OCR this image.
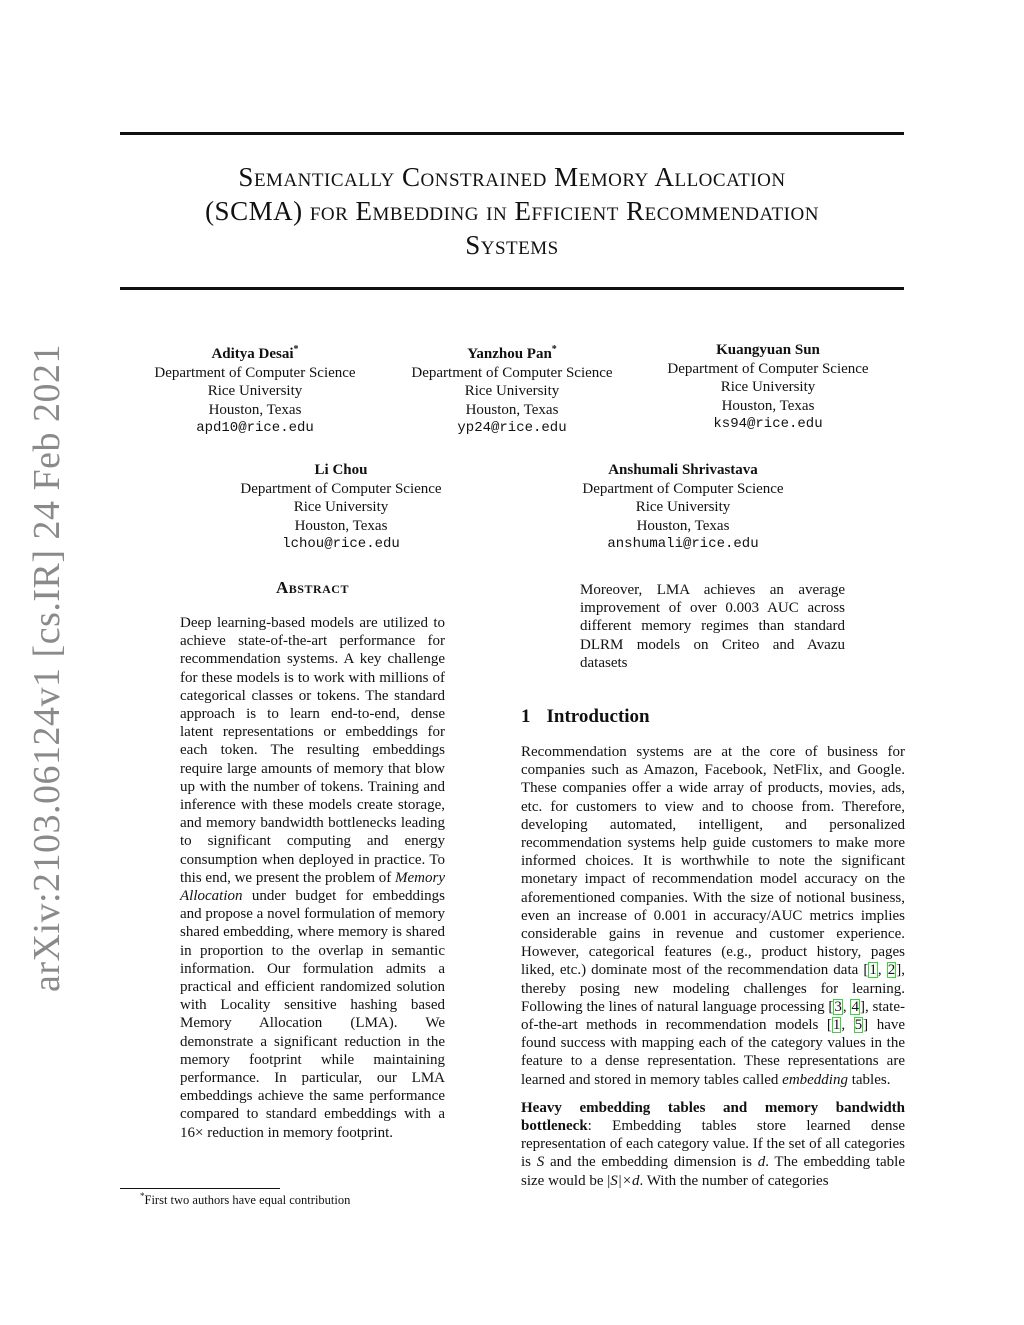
arXiv:2103.06124v1 [cs.IR] 24 Feb 2021
Semantically Constrained Memory Allocation
(SCMA) for Embedding in Efficient Recommendation
Systems
Aditya Desai*
Department of Computer Science
Rice University
Houston, Texas
apd10@rice.edu
Yanzhou Pan*
Department of Computer Science
Rice University
Houston, Texas
yp24@rice.edu
Kuangyuan Sun
Department of Computer Science
Rice University
Houston, Texas
ks94@rice.edu
Li Chou
Department of Computer Science
Rice University
Houston, Texas
lchou@rice.edu
Anshumali Shrivastava
Department of Computer Science
Rice University
Houston, Texas
anshumali@rice.edu
Abstract

Deep learning-based models are utilized to achieve state-of-the-art performance for recommendation systems. A key challenge for these models is to work with millions of categorical classes or tokens. The standard approach is to learn end-to-end, dense latent representations or embeddings for each token. The resulting embeddings require large amounts of memory that blow up with the number of tokens. Training and inference with these models create storage, and memory bandwidth bottlenecks leading to significant computing and energy consumption when deployed in practice. To this end, we present the problem of Memory Allocation under budget for embeddings and propose a novel formulation of memory shared embedding, where memory is shared in proportion to the overlap in semantic information. Our formulation admits a practical and efficient randomized solution with Locality sensitive hashing based Memory Allocation (LMA). We demonstrate a significant reduction in the memory footprint while maintaining performance. In particular, our LMA embeddings achieve the same performance compared to standard embeddings with a 16× reduction in memory footprint.

Moreover, LMA achieves an average improvement of over 0.003 AUC across different memory regimes than standard DLRM models on Criteo and Avazu datasets

1 Introduction

Recommendation systems are at the core of business for companies such as Amazon, Facebook, NetFlix, and Google. These companies offer a wide array of products, movies, ads, etc. for customers to view and to choose from. Therefore, developing automated, intelligent, and personalized recommendation systems help guide customers to make more informed choices. It is worthwhile to note the significant monetary impact of recommendation model accuracy on the aforementioned companies. With the size of notional business, even an increase of 0.001 in accuracy/AUC metrics implies considerable gains in revenue and customer experience. However, categorical features (e.g., product history, pages liked, etc.) dominate most of the recommendation data [1, 2], thereby posing new modeling challenges for learning. Following the lines of natural language processing [3, 4], state-of-the-art methods in recommendation models [1, 5] have found success with mapping each of the category values in the feature to a dense representation. These representations are learned and stored in memory tables called embedding tables.

Heavy embedding tables and memory bandwidth bottleneck: Embedding tables store learned dense representation of each category value. If the set of all categories is S and the embedding dimension is d. The embedding table size would be |S|×d. With the number of categories

*First two authors have equal contribution
